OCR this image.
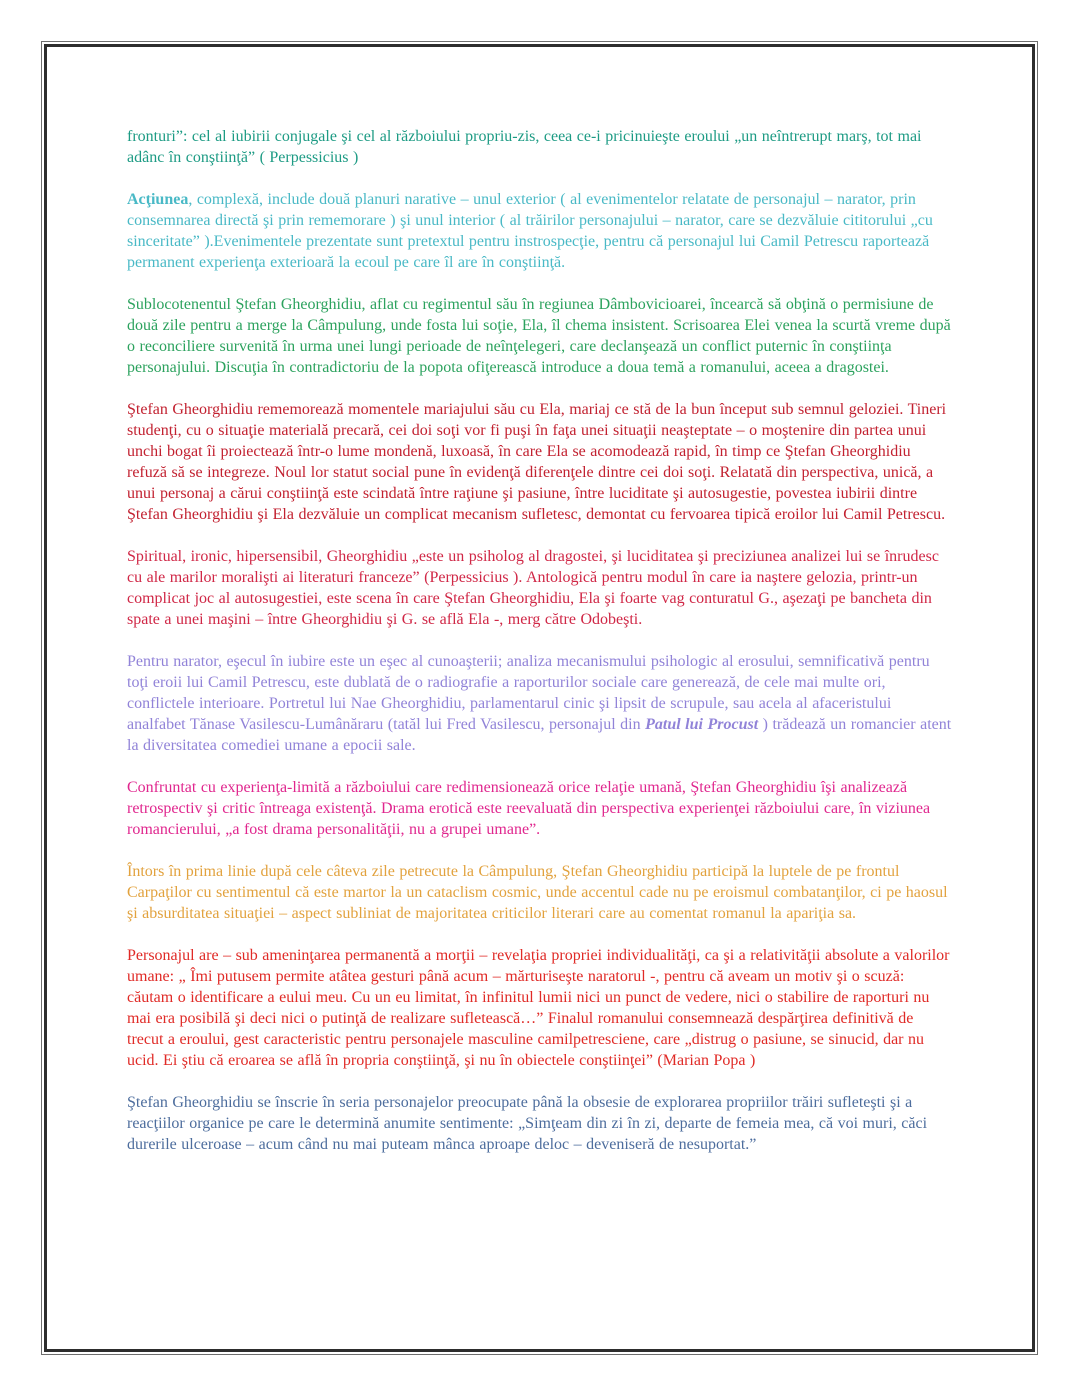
fronturi”: cel al iubirii conjugale şi cel al războiului propriu-zis, ceea ce-i pricinuieşte eroului „un neîntrerupt marş, tot mai adânc în conştiinţă” ( Perpessicius )

Acţiunea, complexă, include două planuri narative – unul exterior ( al evenimentelor relatate de personajul – narator, prin consemnarea directă şi prin rememorare ) şi unul interior ( al trăirilor personajului – narator, care se dezvăluie cititorului „cu sinceritate” ).Evenimentele prezentate sunt pretextul pentru instrospecţie, pentru că personajul lui Camil Petrescu raportează permanent experienţa exterioară la ecoul pe care îl are în conştiinţă.

Sublocotenentul Ştefan Gheorghidiu, aflat cu regimentul său în regiunea Dâmbovicioarei, încearcă să obţină o permisiune de două zile pentru a merge la Câmpulung, unde fosta lui soţie, Ela, îl chema insistent. Scrisoarea Elei venea la scurtă vreme după o reconciliere survenită în urma unei lungi perioade de neînţelegeri, care declanşează un conflict puternic în conştiinţa personajului. Discuţia în contradictoriu de la popota ofiţerească introduce a doua temă a romanului, aceea a dragostei.

Ştefan Gheorghidiu rememorează momentele mariajului său cu Ela, mariaj ce stă de la bun început sub semnul geloziei. Tineri studenţi, cu o situaţie materială precară, cei doi soţi vor fi puşi în faţa unei situaţii neaşteptate – o moştenire din partea unui unchi bogat îi proiectează într-o lume mondenă, luxoasă, în care Ela se acomodează rapid, în timp ce Ştefan Gheorghidiu refuză să se integreze. Noul lor statut social pune în evidenţă diferenţele dintre cei doi soţi. Relatată din perspectiva, unică, a unui personaj a cărui conştiinţă este scindată între raţiune şi pasiune, între luciditate şi autosugestie, povestea iubirii dintre Ştefan Gheorghidiu şi Ela dezvăluie un complicat mecanism sufletesc, demontat cu fervoarea tipică eroilor lui Camil Petrescu.

Spiritual, ironic, hipersensibil, Gheorghidiu „este un psiholog al dragostei, şi luciditatea şi preciziunea analizei lui se înrudesc cu ale marilor moralişti ai literaturi franceze” (Perpessicius ). Antologică pentru modul în care ia naştere gelozia, printr-un complicat joc al autosugestiei, este scena în care Ştefan Gheorghidiu, Ela şi foarte vag conturatul G., aşezaţi pe bancheta din spate a unei maşini – între Gheorghidiu şi G. se află Ela -, merg către Odobeşti.

Pentru narator, eşecul în iubire este un eşec al cunoaşterii; analiza mecanismului psihologic al erosului, semnificativă pentru toţi eroii lui Camil Petrescu, este dublată de o radiografie a raporturilor sociale care generează, de cele mai multe ori, conflictele interioare. Portretul lui Nae Gheorghidiu, parlamentarul cinic şi lipsit de scrupule, sau acela al afaceristului analfabet Tănase Vasilescu-Lumânăraru (tatăl lui Fred Vasilescu, personajul din Patul lui Procust ) trădează un romancier atent la diversitatea comediei umane a epocii sale.

Confruntat cu experienţa-limită a războiului care redimensionează orice relaţie umană, Ştefan Gheorghidiu îşi analizează retrospectiv şi critic întreaga existenţă. Drama erotică este reevaluată din perspectiva experienţei războiului care, în viziunea romancierului, „a fost drama personalităţii, nu a grupei umane”.

Întors în prima linie după cele câteva zile petrecute la Câmpulung, Ştefan Gheorghidiu participă la luptele de pe frontul Carpaţilor cu sentimentul că este martor la un cataclism cosmic, unde accentul cade nu pe eroismul combatanţilor, ci pe haosul şi absurditatea situaţiei – aspect subliniat de majoritatea criticilor literari care au comentat romanul la apariţia sa.

Personajul are – sub ameninţarea permanentă a morţii – revelaţia propriei individualităţi, ca şi a relativităţii absolute a valorilor umane: „ Îmi putusem permite atâtea gesturi până acum – mărturiseşte naratorul -, pentru că aveam un motiv şi o scuză: căutam o identificare a eului meu. Cu un eu limitat, în infinitul lumii nici un punct de vedere, nici o stabilire de raporturi nu mai era posibilă şi deci nici o putinţă de realizare sufletească…” Finalul romanului consemnează despărţirea definitivă de trecut a eroului, gest caracteristic pentru personajele masculine camilpetresciene, care „distrug o pasiune, se sinucid, dar nu ucid. Ei ştiu că eroarea se află în propria conştiinţă, şi nu în obiectele conştiinţei” (Marian Popa )

Ştefan Gheorghidiu se înscrie în seria personajelor preocupate până la obsesie de explorarea propriilor trăiri sufleteşti şi a reacţiilor organice pe care le determină anumite sentimente: „Simţeam din zi în zi, departe de femeia mea, că voi muri, căci durerile ulceroase – acum când nu mai puteam mânca aproape deloc – deveniseră de nesuportat.”
